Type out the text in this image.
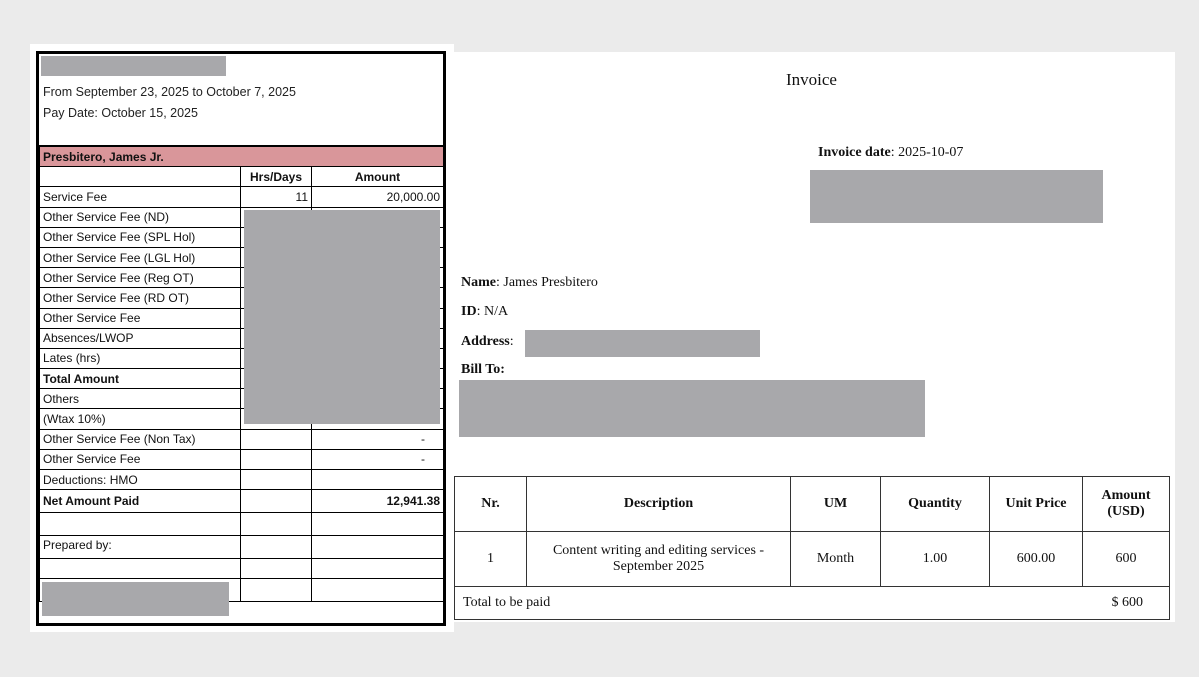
From September 23, 2025 to October 7, 2025
Pay Date: October 15, 2025
Presbitero, James Jr.		
	Hrs/Days	Amount
Service Fee	11	20,000.00
Other Service Fee (ND)		
Other Service Fee (SPL Hol)		
Other Service Fee (LGL Hol)		
Other Service Fee (Reg OT)		
Other Service Fee (RD OT)		
Other Service Fee		
Absences/LWOP		
Lates (hrs)		
Total Amount		
Others		
(Wtax 10%)		
Other Service Fee (Non Tax)		-
Other Service Fee		-
Deductions: HMO		
Net Amount Paid		12,941.38

Prepared by:		

Invoice
Invoice date: 2025-10-07
Name: James Presbitero
ID: N/A
Address:
Bill To:
Nr.	Description	UM	Quantity	Unit Price	Amount (USD)
1	Content writing and editing services - September 2025	Month	1.00	600.00	600
Total to be paid			$ 600		
